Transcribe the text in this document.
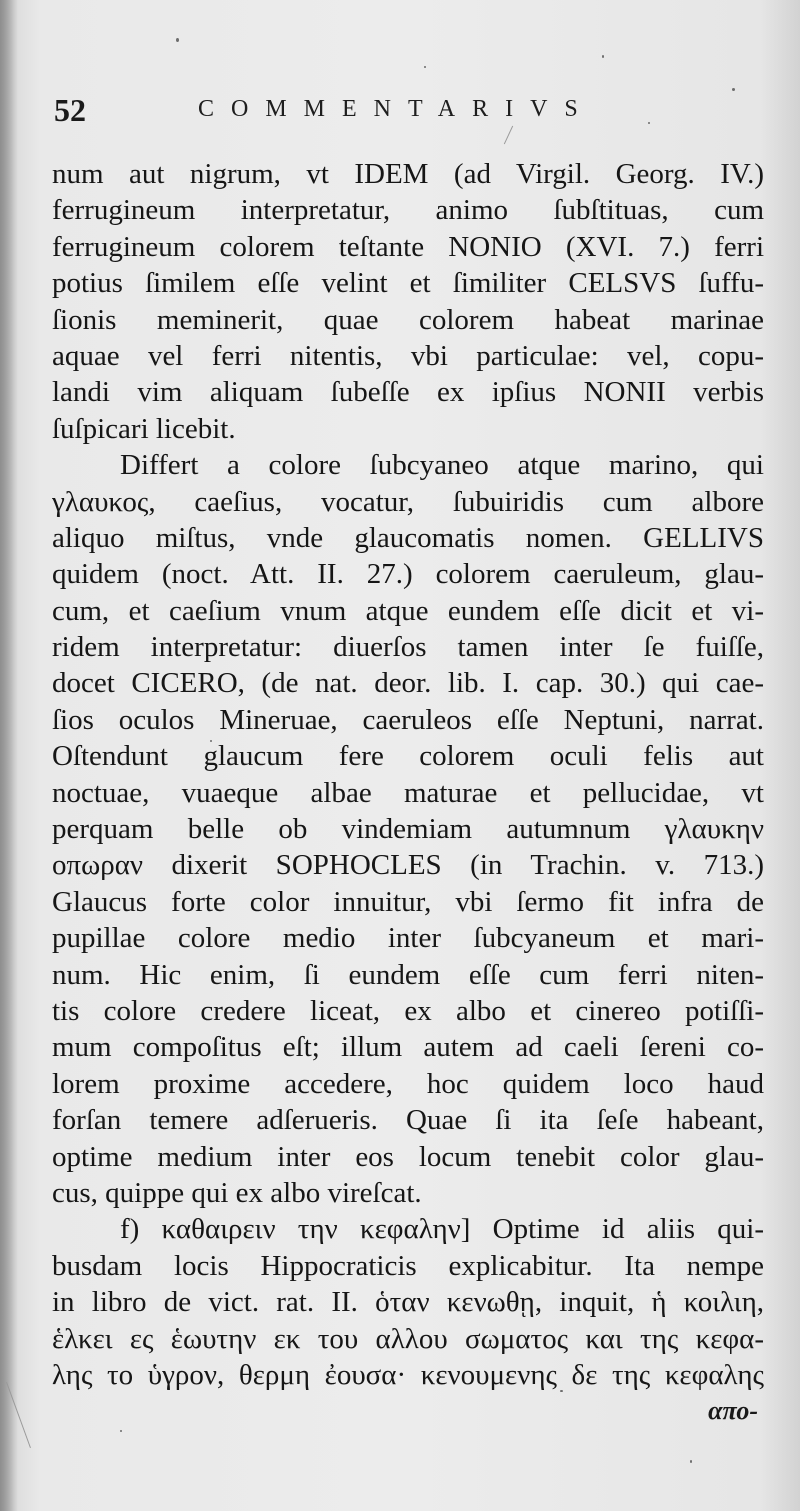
52	COMMENTARIVS
num aut nigrum, vt IDEM (ad Virgil. Georg. IV.)
ferrugineum interpretatur, animo ſubſtituas, cum
ferrugineum colorem teſtante NONIO (XVI. 7.) ferri
potius ſimilem eſſe velint et ſimiliter CELSVS ſuffu-
ſionis meminerit, quae colorem habeat marinae
aquae vel ferri nitentis, vbi particulae: vel, copu-
landi vim aliquam ſubeſſe ex ipſius NONII verbis
ſuſpicari licebit.
Differt a colore ſubcyaneo atque marino, qui
γλαυκος, caeſius, vocatur, ſubuiridis cum albore
aliquo miſtus, vnde glaucomatis nomen. GELLIVS
quidem (noct. Att. II. 27.) colorem caeruleum, glau-
cum, et caeſium vnum atque eundem eſſe dicit et vi-
ridem interpretatur: diuerſos tamen inter ſe fuiſſe,
docet CICERO, (de nat. deor. lib. I. cap. 30.) qui cae-
ſios oculos Mineruae, caeruleos eſſe Neptuni, narrat.
Oſtendunt glaucum fere colorem oculi felis aut
noctuae, vuaeque albae maturae et pellucidae, vt
perquam belle ob vindemiam autumnum γλαυκην
οπωραν dixerit SOPHOCLES (in Trachin. v. 713.)
Glaucus forte color innuitur, vbi ſermo fit infra de
pupillae colore medio inter ſubcyaneum et mari-
num. Hic enim, ſi eundem eſſe cum ferri niten-
tis colore credere liceat, ex albo et cinereo potiſſi-
mum compoſitus eſt; illum autem ad caeli ſereni co-
lorem proxime accedere, hoc quidem loco haud
forſan temere adſerueris. Quae ſi ita ſeſe habeant,
optime medium inter eos locum tenebit color glau-
cus, quippe qui ex albo vireſcat.
f) καθαιρειν την κεφαλην] Optime id aliis qui-
busdam locis Hippocraticis explicabitur. Ita nempe
in libro de vict. rat. II. ὁταν κενωθῃ, inquit, ἡ κοιλιη,
ἑλκει ες ἑωυτην εκ του αλλου σωματος και της κεφα-
λης το ὑγρον, θερμη ἐουσα· κενουμενης δε της κεφαλης
απο-
